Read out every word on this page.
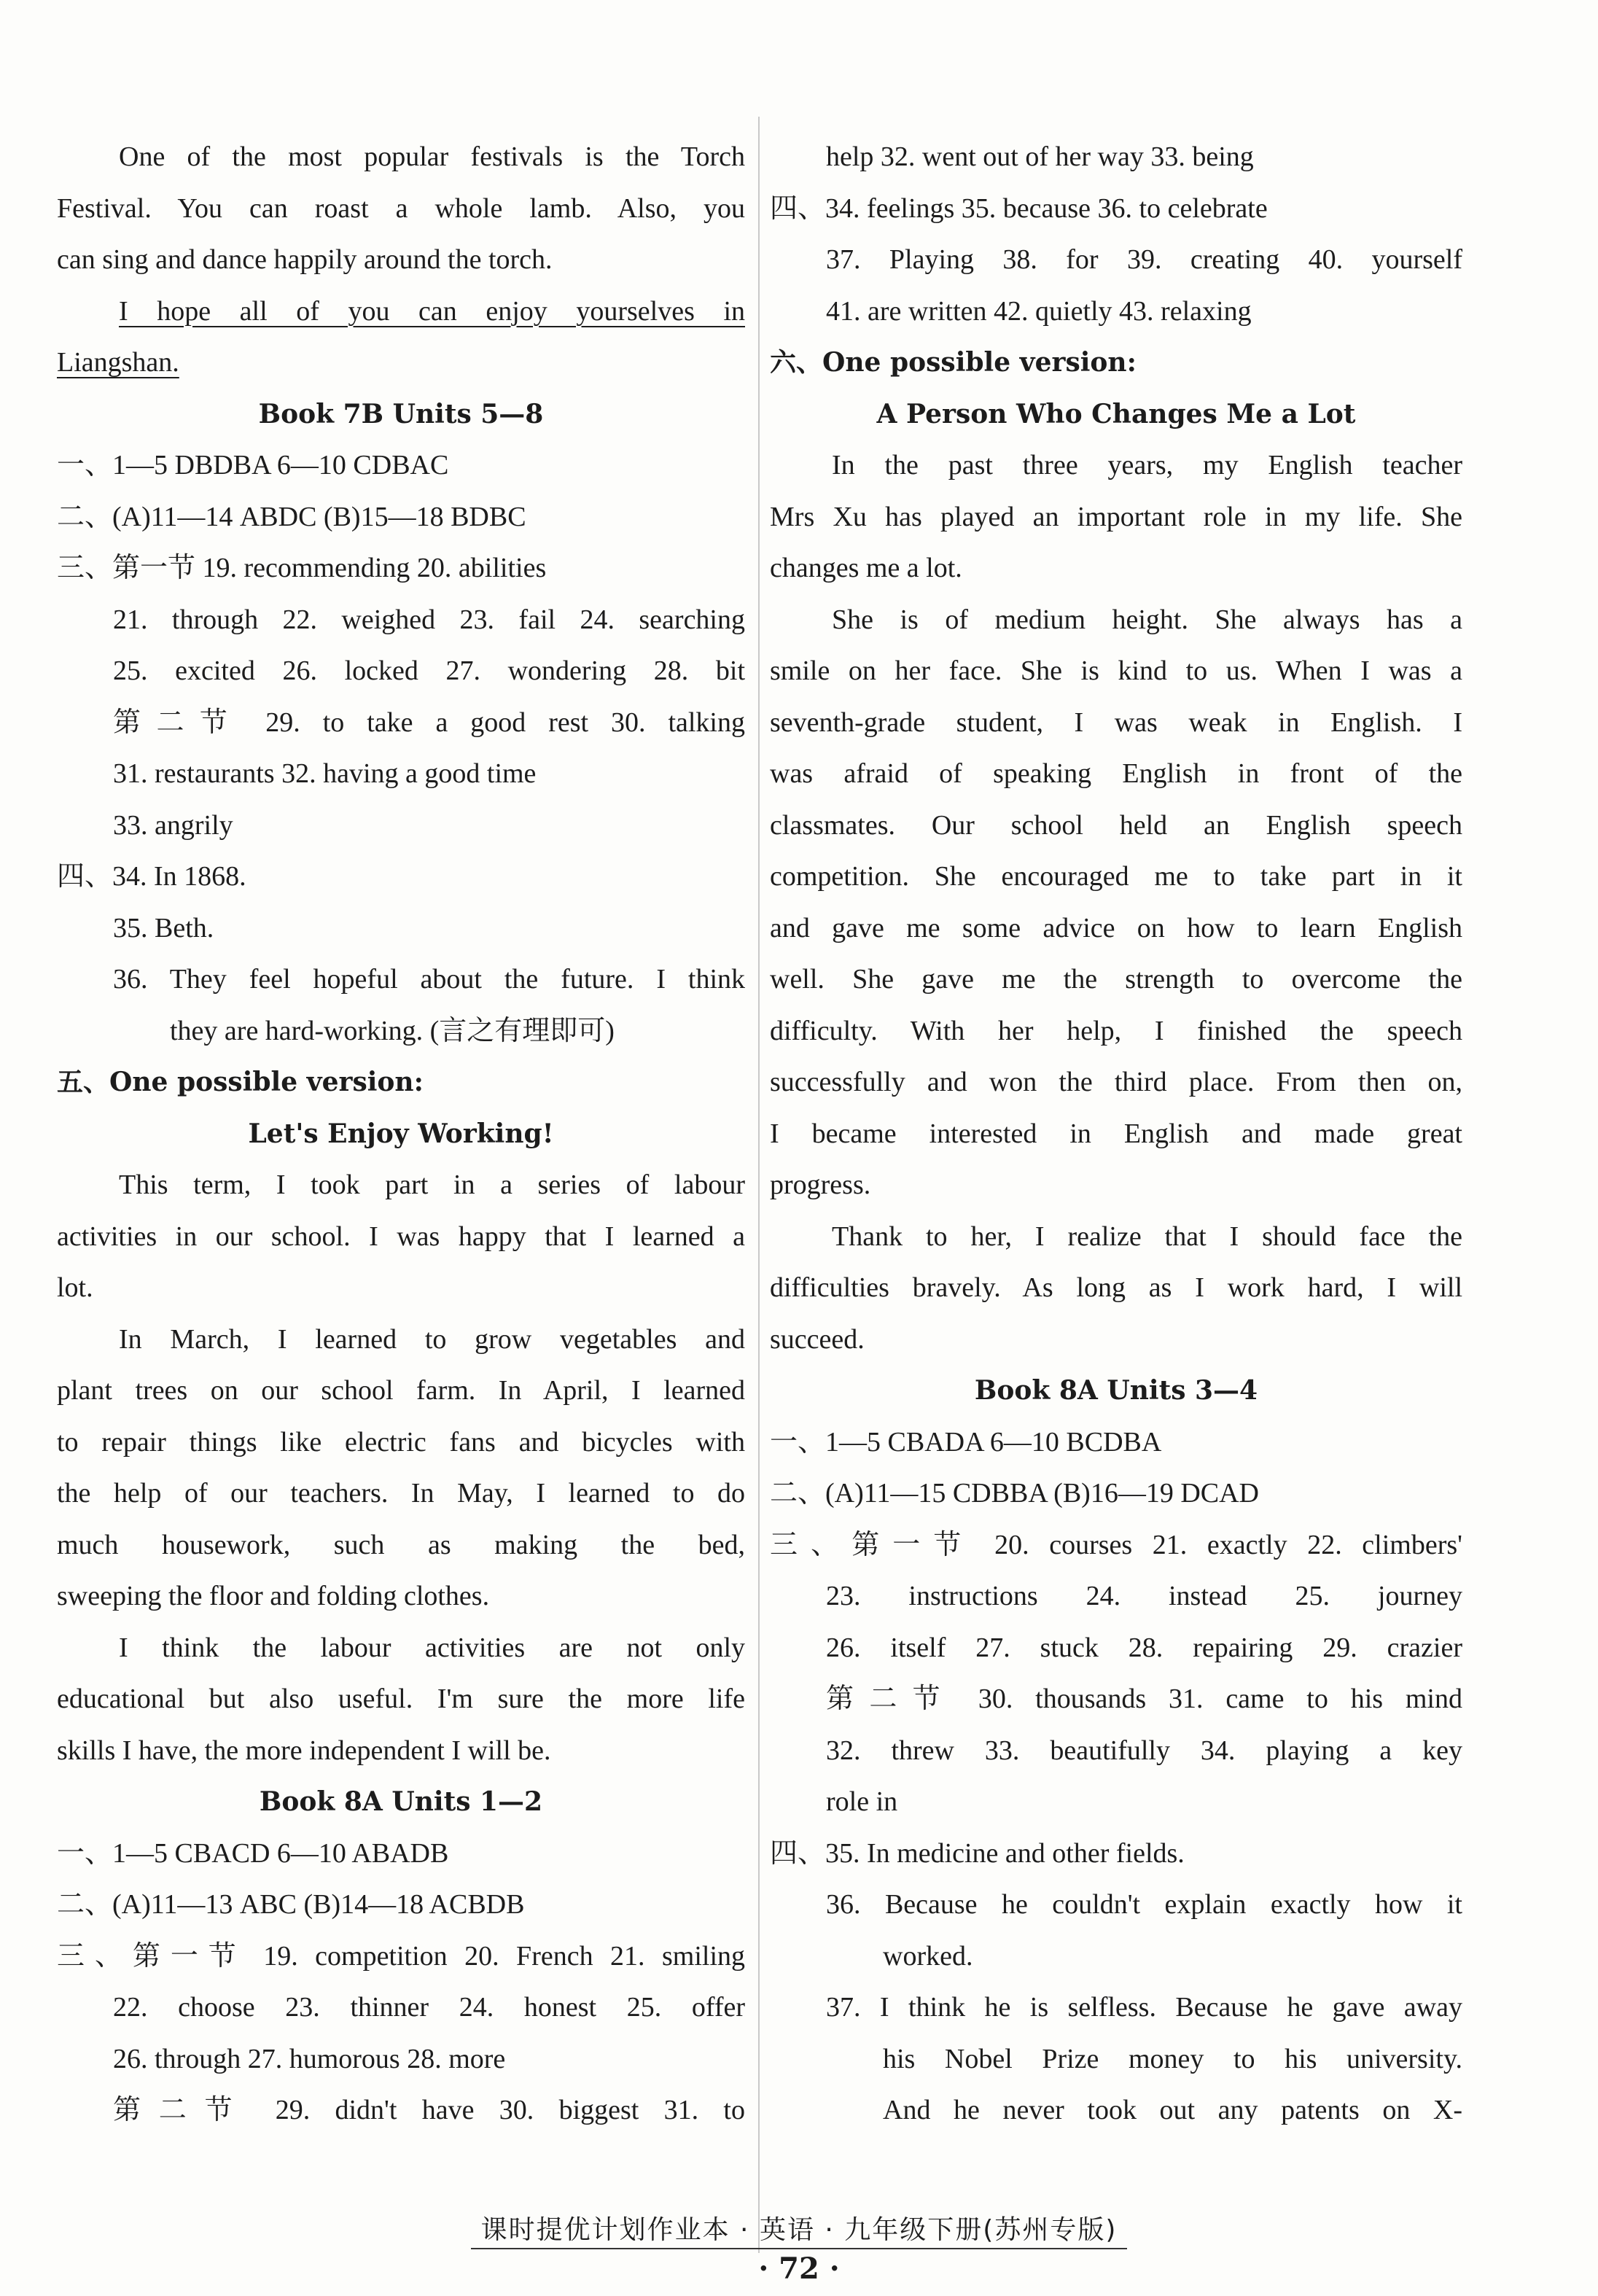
One of the most popular festivals is the Torch
Festival. You can roast a whole lamb. Also, you
can sing and dance happily around the torch.
I hope all of you can enjoy yourselves in
Liangshan.
Book 7B Units 5—8
一、1—5 DBDBA 6—10 CDBAC
二、(A)11—14 ABDC (B)15—18 BDBC
三、第一节 19. recommending 20. abilities
21. through 22. weighed 23. fail 24. searching
25. excited 26. locked 27. wondering 28. bit
第二节 29. to take a good rest 30. talking
31. restaurants 32. having a good time
33. angrily
四、34. In 1868.
35. Beth.
36. They feel hopeful about the future. I think
they are hard-working. (言之有理即可)
五、One possible version:
Let's Enjoy Working!
This term, I took part in a series of labour
activities in our school. I was happy that I learned a
lot.
In March, I learned to grow vegetables and
plant trees on our school farm. In April, I learned
to repair things like electric fans and bicycles with
the help of our teachers. In May, I learned to do
much housework, such as making the bed,
sweeping the floor and folding clothes.
I think the labour activities are not only
educational but also useful. I'm sure the more life
skills I have, the more independent I will be.
Book 8A Units 1—2
一、1—5 CBACD 6—10 ABADB
二、(A)11—13 ABC (B)14—18 ACBDB
三、第一节 19. competition 20. French 21. smiling
22. choose 23. thinner 24. honest 25. offer
26. through 27. humorous 28. more
第二节 29. didn't have 30. biggest 31. to
help 32. went out of her way 33. being
四、34. feelings 35. because 36. to celebrate
37. Playing 38. for 39. creating 40. yourself
41. are written 42. quietly 43. relaxing
六、One possible version:
A Person Who Changes Me a Lot
In the past three years, my English teacher
Mrs Xu has played an important role in my life. She
changes me a lot.
She is of medium height. She always has a
smile on her face. She is kind to us. When I was a
seventh-grade student, I was weak in English. I
was afraid of speaking English in front of the
classmates. Our school held an English speech
competition. She encouraged me to take part in it
and gave me some advice on how to learn English
well. She gave me the strength to overcome the
difficulty. With her help, I finished the speech
successfully and won the third place. From then on,
I became interested in English and made great
progress.
Thank to her, I realize that I should face the
difficulties bravely. As long as I work hard, I will
succeed.
Book 8A Units 3—4
一、1—5 CBADA 6—10 BCDBA
二、(A)11—15 CDBBA (B)16—19 DCAD
三、第一节 20. courses 21. exactly 22. climbers'
23. instructions 24. instead 25. journey
26. itself 27. stuck 28. repairing 29. crazier
第二节 30. thousands 31. came to his mind
32. threw 33. beautifully 34. playing a key
role in
四、35. In medicine and other fields.
36. Because he couldn't explain exactly how it
worked.
37. I think he is selfless. Because he gave away
his Nobel Prize money to his university.
And he never took out any patents on X-
课时提优计划作业本 · 英语 · 九年级下册(苏州专版)
· 72 ·
